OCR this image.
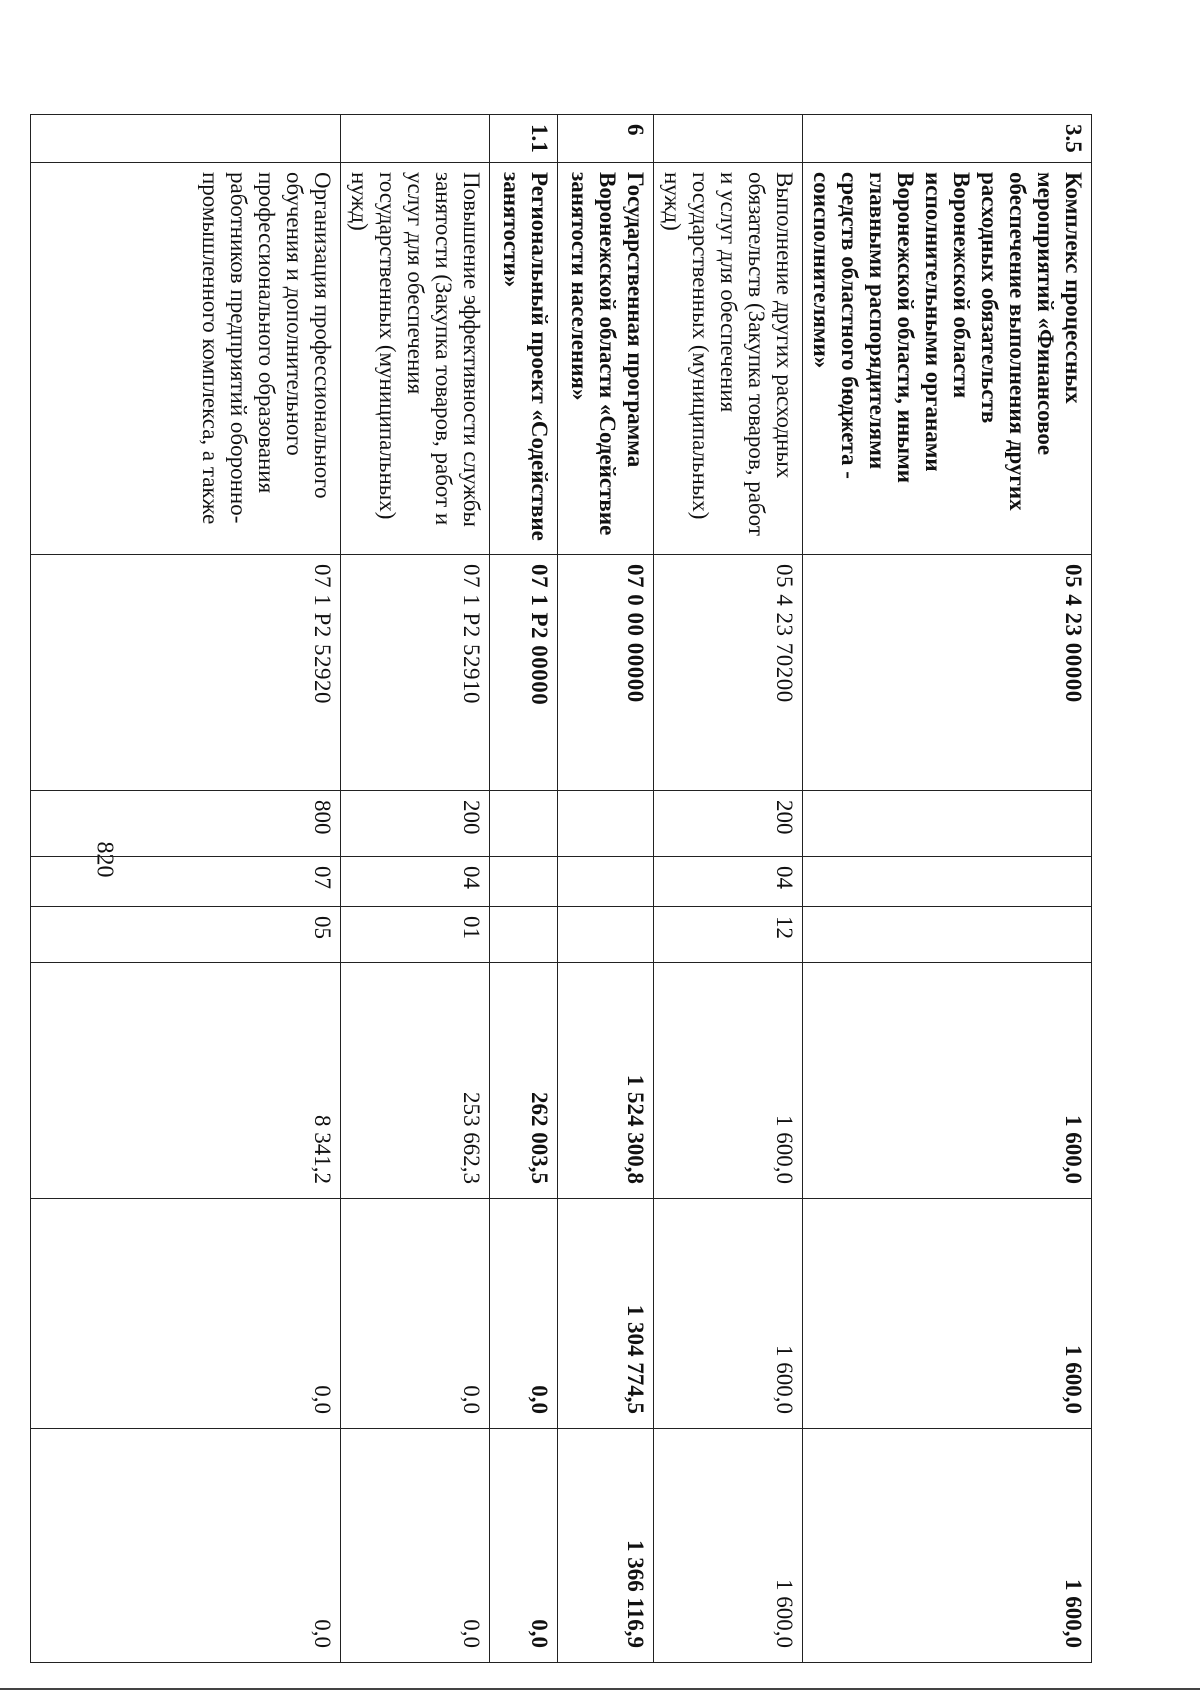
820
3.5	Комплекс процессных мероприятий «Финансовое обеспечение выполнения других расходных обязательств Воронежской области исполнительными органами Воронежской области, иными главными распорядителями средств областного бюджета - соисполнителями»	05 4 23 00000				1 600,0	1 600,0	1 600,0
	Выполнение других расходных обязательств (Закупка товаров, работ и услуг для обеспечения государственных (муниципальных) нужд)	05 4 23 70200	200	04	12	1 600,0	1 600,0	1 600,0
6	Государственная программа Воронежской области «Содействие занятости населения»	07 0 00 00000				1 524 300,8	1 304 774,5	1 366 116,9
1.1	Региональный проект «Содействие занятости»	07 1 Р2 00000				262 003,5	0,0	0,0
	Повышение эффективности службы занятости (Закупка товаров, работ и услуг для обеспечения государственных (муниципальных) нужд)	07 1 Р2 52910	200	04	01	253 662,3	0,0	0,0
	Организация профессионального обучения и дополнительного профессионального образования работников предприятий оборонно-промышленного комплекса, а также	07 1 Р2 52920	800	07	05	8 341,2	0,0	0,0
